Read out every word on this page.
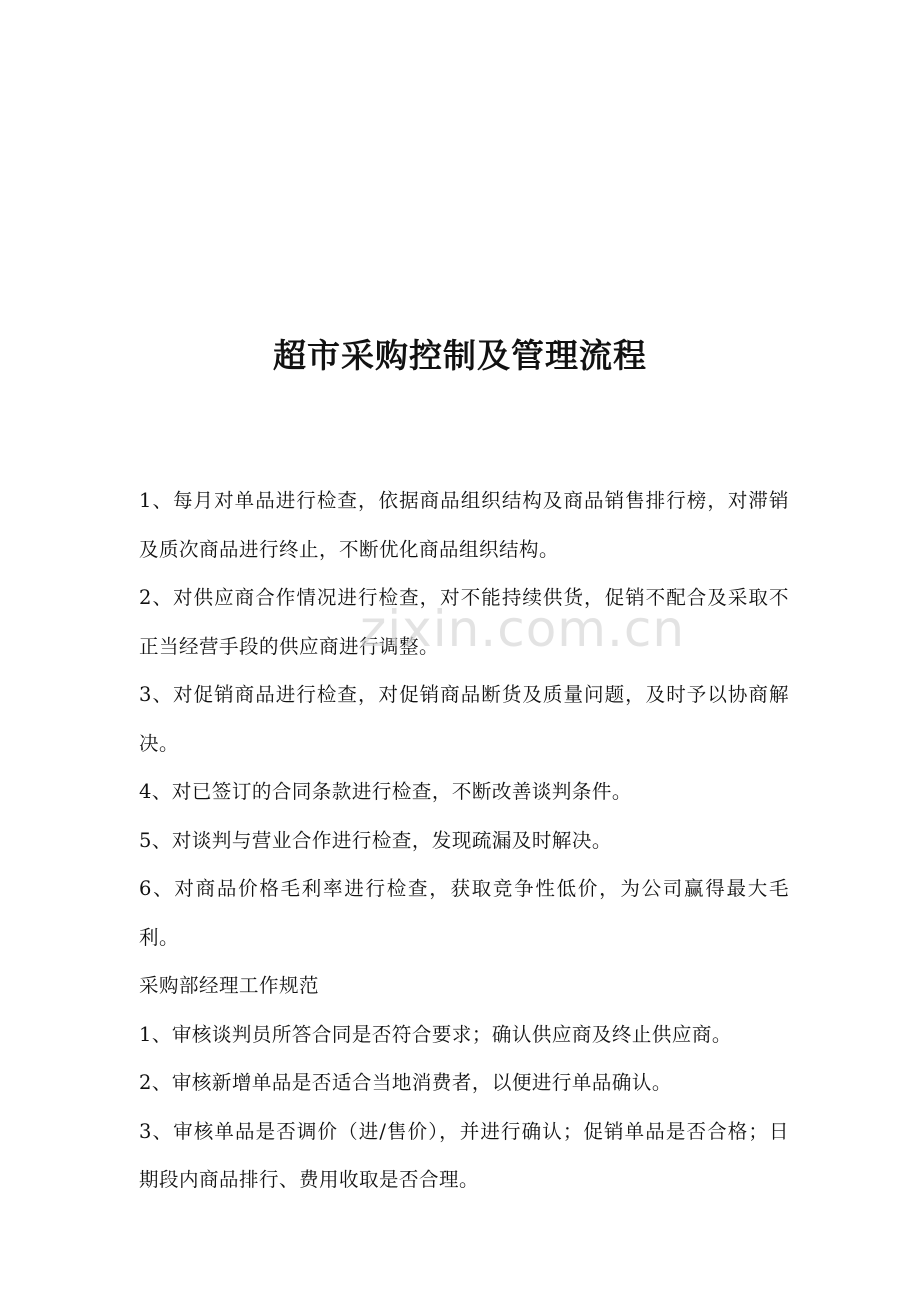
超市采购控制及管理流程

1、每月对单品进行检查，依据商品组织结构及商品销售排行榜，对滞销及质次商品进行终止，不断优化商品组织结构。

2、对供应商合作情况进行检查，对不能持续供货，促销不配合及采取不正当经营手段的供应商进行调整。

3、对促销商品进行检查，对促销商品断货及质量问题，及时予以协商解决。

4、对已签订的合同条款进行检查，不断改善谈判条件。

5、对谈判与营业合作进行检查，发现疏漏及时解决。

6、对商品价格毛利率进行检查，获取竞争性低价，为公司赢得最大毛利。

采购部经理工作规范

1、审核谈判员所答合同是否符合要求；确认供应商及终止供应商。

2、审核新增单品是否适合当地消费者，以便进行单品确认。

3、审核单品是否调价（进/售价），并进行确认；促销单品是否合格；日期段内商品排行、费用收取是否合理。

zixin.com.cn
